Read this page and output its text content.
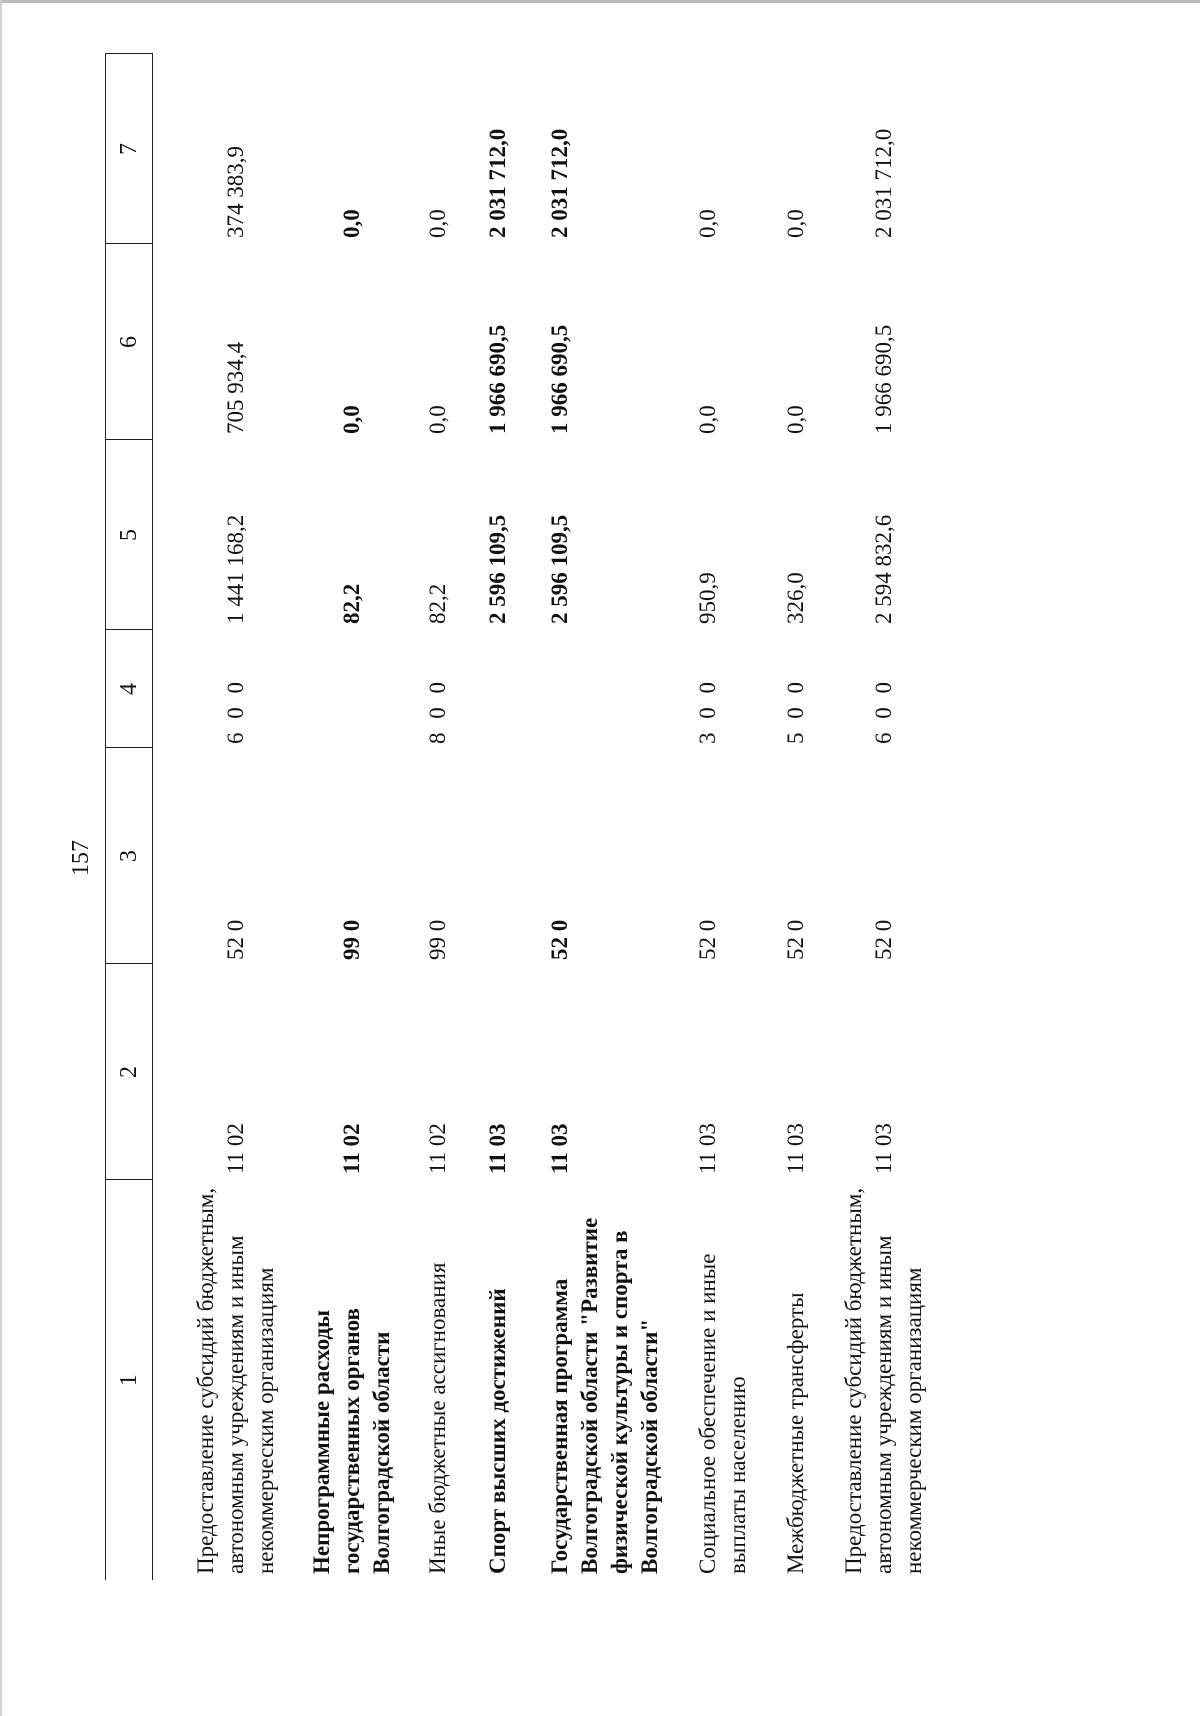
157
1	2	3	4	5	6	7
Предоставление субсидий бюджетным, автономным учреждениям и иным некоммерческим организациям	11 02	52 0	6 0 0	1 441 168,2	705 934,4	374 383,9
Непрограммные расходы государственных органов Волгоградской области	11 02	99 0		82,2	0,0	0,0
Иные бюджетные ассигнования	11 02	99 0	8 0 0	82,2	0,0	0,0
Спорт высших достижений	11 03			2 596 109,5	1 966 690,5	2 031 712,0
Государственная программа Волгоградской области "Развитие физической культуры и спорта в Волгоградской области"	11 03	52 0		2 596 109,5	1 966 690,5	2 031 712,0
Социальное обеспечение и иные выплаты населению	11 03	52 0	3 0 0	950,9	0,0	0,0
Межбюджетные трансферты	11 03	52 0	5 0 0	326,0	0,0	0,0
Предоставление субсидий бюджетным, автономным учреждениям и иным некоммерческим организациям	11 03	52 0	6 0 0	2 594 832,6	1 966 690,5	2 031 712,0
